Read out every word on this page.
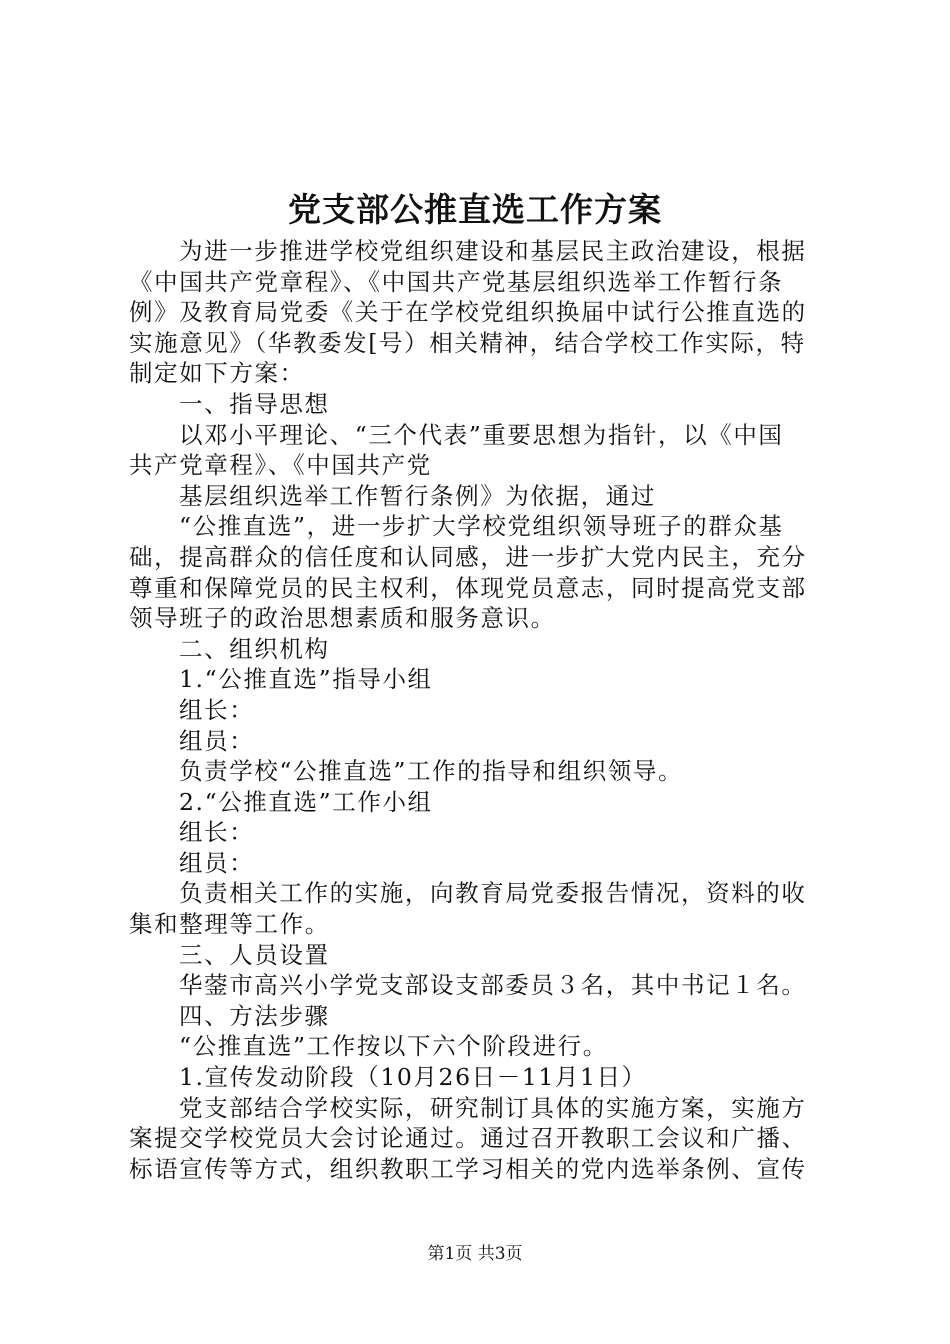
党支部公推直选工作方案

为进一步推进学校党组织建设和基层民主政治建设，根据

《中国共产党章程》、《中国共产党基层组织选举工作暂行条

例》及教育局党委《关于在学校党组织换届中试行公推直选的

实施意见》（华教委发[号）相关精神，结合学校工作实际，特

制定如下方案：

一、指导思想

以邓小平理论、“三个代表”重要思想为指针，以《中国

共产党章程》、《中国共产党

基层组织选举工作暂行条例》为依据，通过

“公推直选”，进一步扩大学校党组织领导班子的群众基

础，提高群众的信任度和认同感，进一步扩大党内民主，充分

尊重和保障党员的民主权利，体现党员意志，同时提高党支部

领导班子的政治思想素质和服务意识。

二、组织机构

1.“公推直选”指导小组

组长：

组员：

负责学校“公推直选”工作的指导和组织领导。

2.“公推直选”工作小组

组长：

组员：

负责相关工作的实施，向教育局党委报告情况，资料的收

集和整理等工作。

三、人员设置

华蓥市高兴小学党支部设支部委员３名，其中书记１名。

四、方法步骤

“公推直选”工作按以下六个阶段进行。

1.宣传发动阶段（10月26日－11月1日）

党支部结合学校实际，研究制订具体的实施方案，实施方

案提交学校党员大会讨论通过。通过召开教职工会议和广播、

标语宣传等方式，组织教职工学习相关的党内选举条例、宣传

第1页 共3页
